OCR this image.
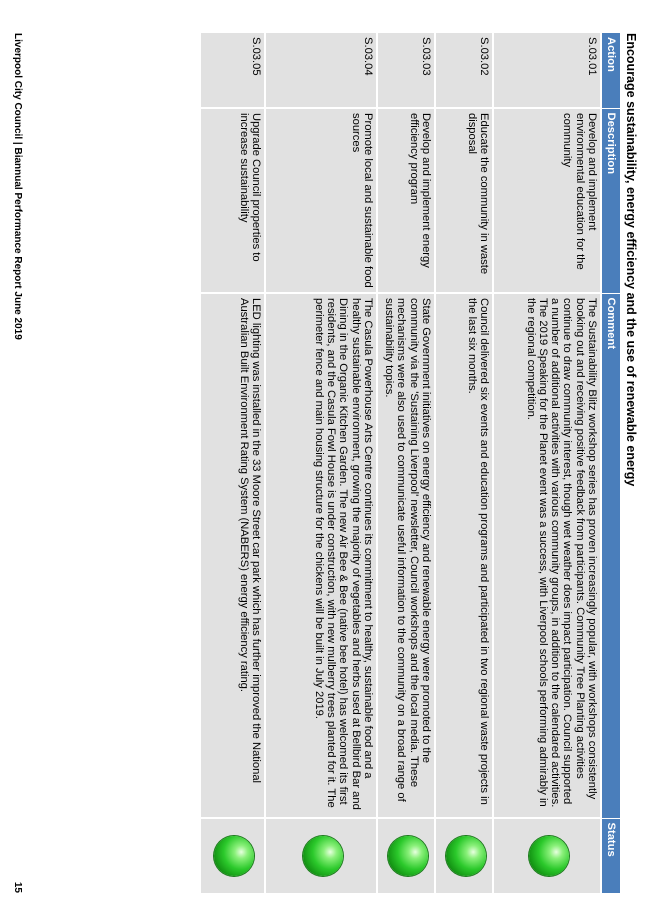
Encourage sustainability, energy efficiency and the use of renewable energy
Action	Description	Comment	Status
S.03.01	Develop and implement environmental education for the community	The Sustainability Blitz workshop series has proven increasingly popular, with workshops consistently booking out and receiving positive feedback from participants. Community Tree Planting activities continue to draw community interest, though wet weather does impact participation. Council supported a number of additional activities with various community groups, in addition to the calendared activities. The 2019 Speaking for the Planet event was a success, with Liverpool schools performing admirably in the regional competition.	
S.03.02	Educate the community in waste disposal	Council delivered six events and education programs and participated in two regional waste projects in the last six months.	
S.03.03	Develop and implement energy efficiency program	State Government initiatives on energy efficiency and renewable energy were promoted to the community via the 'Sustaining Liverpool' newsletter, Council workshops and the local media. These mechanisms were also used to communicate useful information to the community on a broad range of sustainability topics.	
S.03.04	Promote local and sustainable food sources	The Casula Powerhouse Arts Centre continues its commitment to healthy, sustainable food and a healthy sustainable environment, growing the majority of vegetables and herbs used at Bellbird Bar and Dining in the Organic Kitchen Garden. The new Air Bee & Bee (native bee hotel) has welcomed its first residents, and the Casula Fowl House is under construction, with new mulberry trees planted for it. The perimeter fence and main housing structure for the chickens will be built in July 2019.	
S.03.05	Upgrade Council properties to increase sustainability	LED lighting was installed in the 33 Moore Street car park which has further improved the National Australian Built Environment Rating System (NABERS) energy efficiency rating.	
Liverpool City Council | Biannual Performance Report June 2019
15
